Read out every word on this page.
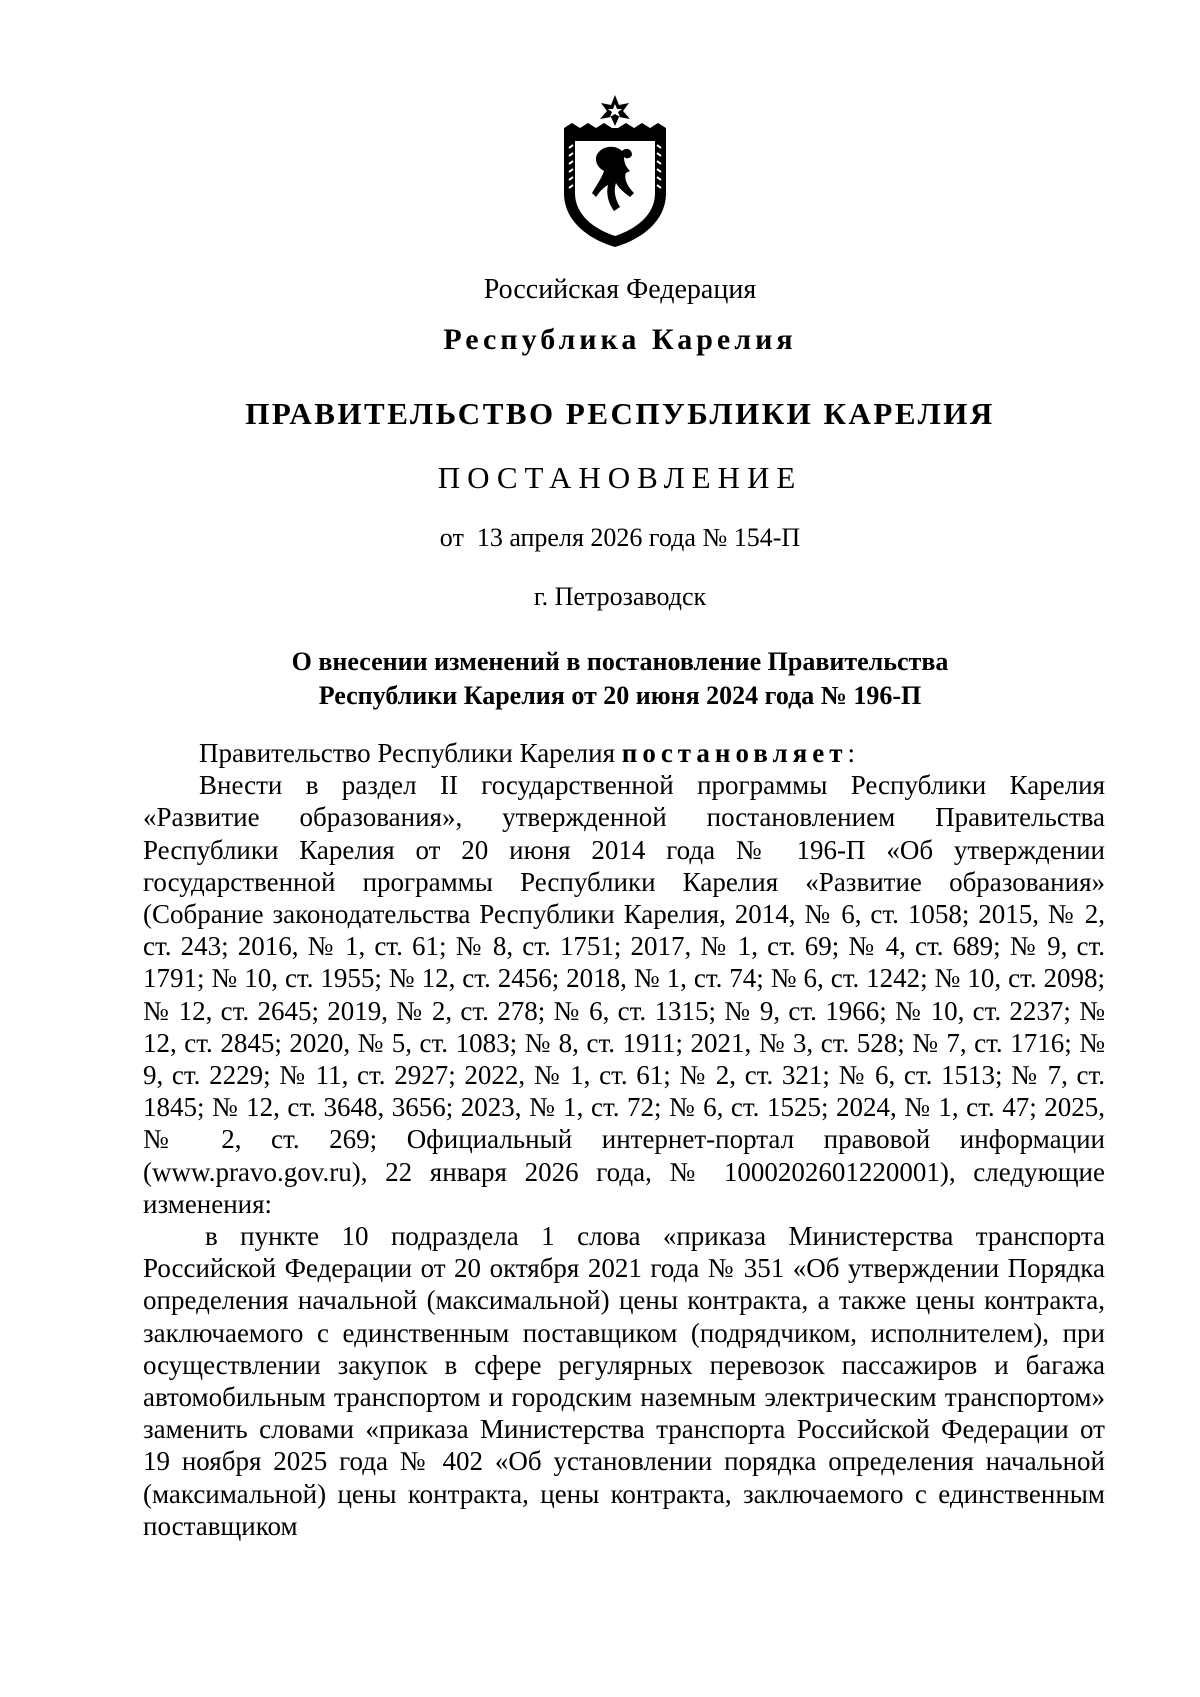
Российская Федерация
Республика Карелия
ПРАВИТЕЛЬСТВО РЕСПУБЛИКИ КАРЕЛИЯ
ПОСТАНОВЛЕНИЕ
от  13 апреля 2026 года № 154-П
г. Петрозаводск
О внесении изменений в постановление Правительства
Республики Карелия от 20 июня 2024 года № 196-П

Правительство Республики Карелия постановляет:

Внести в раздел II государственной программы Республики Карелия «Развитие образования», утвержденной постановлением Правительства Республики Карелия от 20 июня 2014 года № 196-П «Об утверждении государственной программы Республики Карелия «Развитие образования» (Собрание законодательства Республики Карелия, 2014, № 6, ст. 1058; 2015, № 2, ст. 243; 2016, № 1, ст. 61; № 8, ст. 1751; 2017, № 1, ст. 69; № 4, ст. 689; № 9, ст. 1791; № 10, ст. 1955; № 12, ст. 2456; 2018, № 1, ст. 74; № 6, ст. 1242; № 10, ст. 2098; № 12, ст. 2645; 2019, № 2, ст. 278; № 6, ст. 1315; № 9, ст. 1966; № 10, ст. 2237; № 12, ст. 2845; 2020, № 5, ст. 1083; № 8, ст. 1911; 2021, № 3, ст. 528; № 7, ст. 1716; № 9, ст. 2229; № 11, ст. 2927; 2022, № 1, ст. 61; № 2, ст. 321; № 6, ст. 1513; № 7, ст. 1845; № 12, ст. 3648, 3656; 2023, № 1, ст. 72; № 6, ст. 1525; 2024, № 1, ст. 47; 2025, № 2, ст. 269; Официальный интернет-портал правовой информации (www.pravo.gov.ru), 22 января 2026 года, № 1000202601220001), следующие изменения:

в пункте 10 подраздела 1 слова «приказа Министерства транспорта Российской Федерации от 20 октября 2021 года № 351 «Об утверждении Порядка определения начальной (максимальной) цены контракта, а также цены контракта, заключаемого с единственным поставщиком (подрядчиком, исполнителем), при осуществлении закупок в сфере регулярных перевозок пассажиров и багажа автомобильным транспортом и городским наземным электрическим транспортом» заменить словами «приказа Министерства транспорта Российской Федерации от 19 ноября 2025 года № 402 «Об установлении порядка определения начальной (максимальной) цены контракта, цены контракта, заключаемого с единственным поставщиком
